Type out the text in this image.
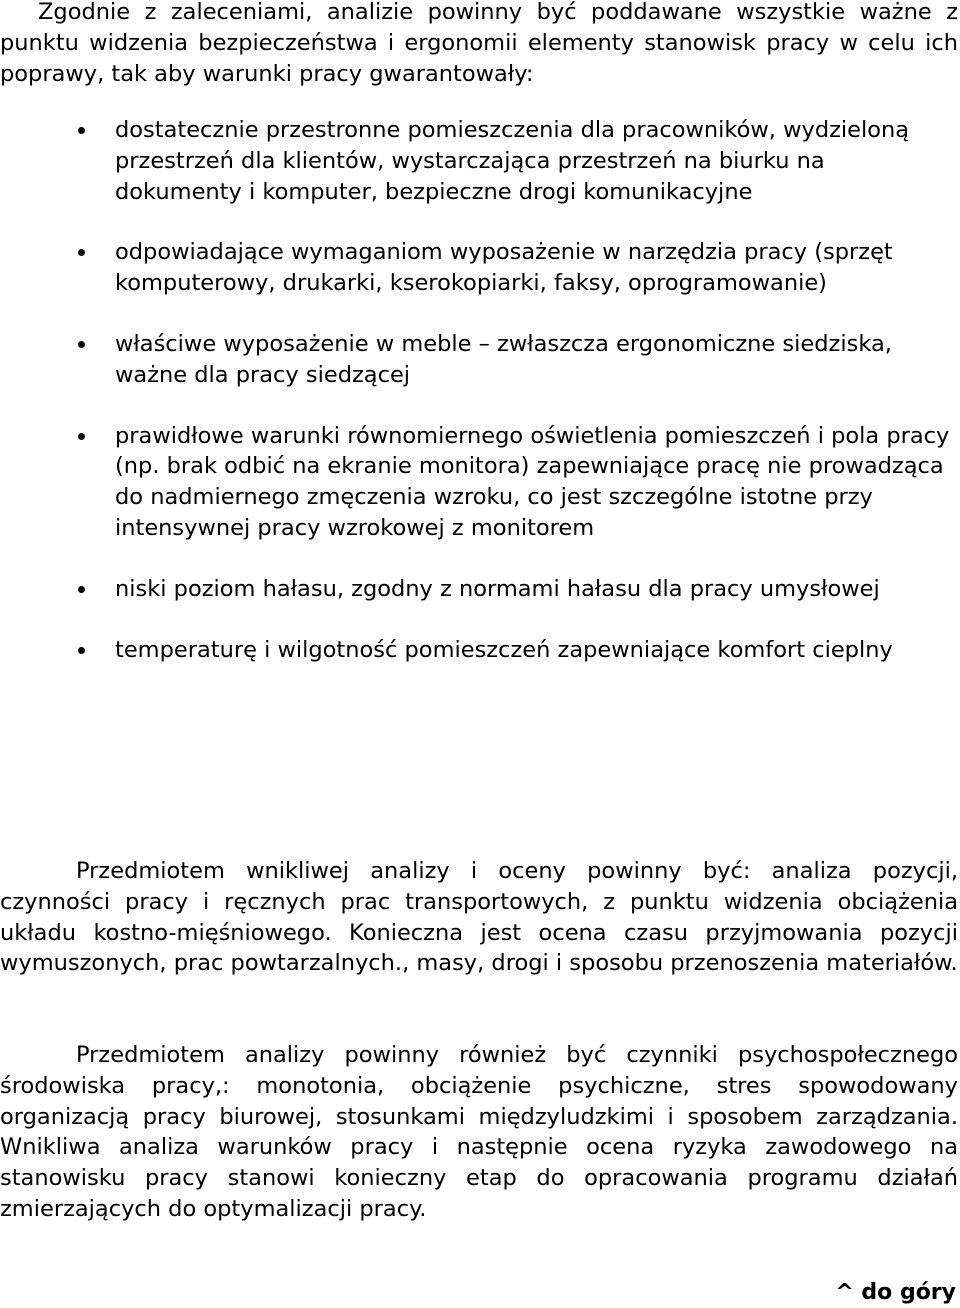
Zgodnie z zaleceniami, analizie powinny być poddawane wszystkie ważne z punktu widzenia bezpieczeństwa i ergonomii elementy stanowisk pracy w celu ich poprawy, tak aby warunki pracy gwarantowały:

dostatecznie przestronne pomieszczenia dla pracowników, wydzieloną przestrzeń dla klientów, wystarczająca przestrzeń na biurku na dokumenty i komputer, bezpieczne drogi komunikacyjne
odpowiadające wymaganiom wyposażenie w narzędzia pracy (sprzęt komputerowy, drukarki, kserokopiarki, faksy, oprogramowanie)
właściwe wyposażenie w meble – zwłaszcza ergonomiczne siedziska, ważne dla pracy siedzącej
prawidłowe warunki równomiernego oświetlenia pomieszczeń i pola pracy (np. brak odbić na ekranie monitora) zapewniające pracę nie prowadząca do nadmiernego zmęczenia wzroku, co jest szczególne istotne przy intensywnej pracy wzrokowej z monitorem
niski poziom hałasu, zgodny z normami hałasu dla pracy umysłowej
temperaturę i wilgotność pomieszczeń zapewniające komfort cieplny

Przedmiotem wnikliwej analizy i oceny powinny być: analiza pozycji, czynności pracy i ręcznych prac transportowych, z punktu widzenia obciążenia układu kostno-mięśniowego. Konieczna jest ocena czasu przyjmowania pozycji wymuszonych, prac powtarzalnych., masy, drogi i sposobu przenoszenia materiałów.

Przedmiotem analizy powinny również być czynniki psychospołecznego środowiska pracy,: monotonia, obciążenie psychiczne, stres spowodowany organizacją pracy biurowej, stosunkami międzyludzkimi i sposobem zarządzania. Wnikliwa analiza warunków pracy i następnie ocena ryzyka zawodowego na stanowisku pracy stanowi konieczny etap do opracowania programu działań zmierzających do optymalizacji pracy.

^ do góry
